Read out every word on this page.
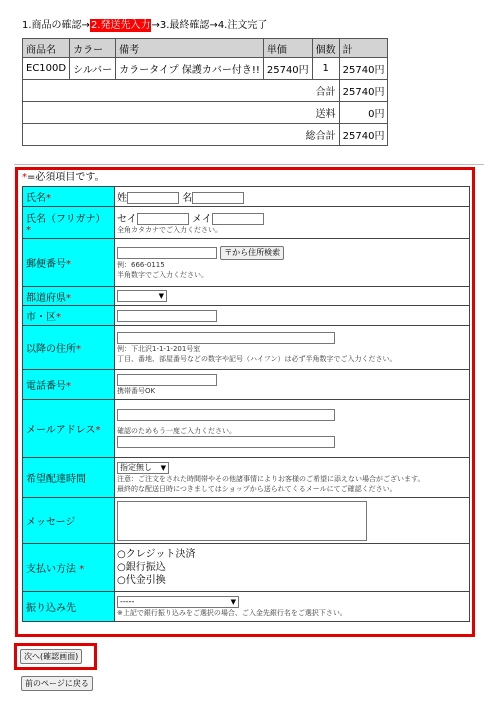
1.商品の確認→2.発送先入力→3.最終確認→4.注文完了
商品名	カラー	備考	単価	個数	計
EC100D	シルバー	カラータイプ 保護カバー付き!!	25740円	1	25740円
合計					25740円
送料					0円
総合計					25740円
*=必須項目です。
氏名*	姓 名
氏名（フリガナ） *	セイ メイ
全角カタカナでご入力ください。

郵便番号*	〒から住所検索
例：666-0115
半角数字でご入力ください。

都道府県*	▼

市・区*	
以降の住所*	例：下北沢1-1-1-201号室
丁目、番地、部屋番号などの数字や記号（ハイフン）は必ず半角数字でご入力ください。

電話番号*	携帯番号OK

メールアドレス*	確認のためもう一度ご入力ください。

希望配達時間	指定無し ▼
注意：ご注文をされた時間帯やその他諸事情によりお客様のご希望に添えない場合がございます。
最終的な配送日時につきましてはショップから送られてくるメールにてご確認ください。

メッセージ	

支払い方法 *	○クレジット決済
○銀行振込
○代金引換

振り込み先	----- ▼
※上記で銀行振り込みをご選択の場合、ご入金先銀行名をご選択下さい。
次へ(確認画面)
前のページに戻る
